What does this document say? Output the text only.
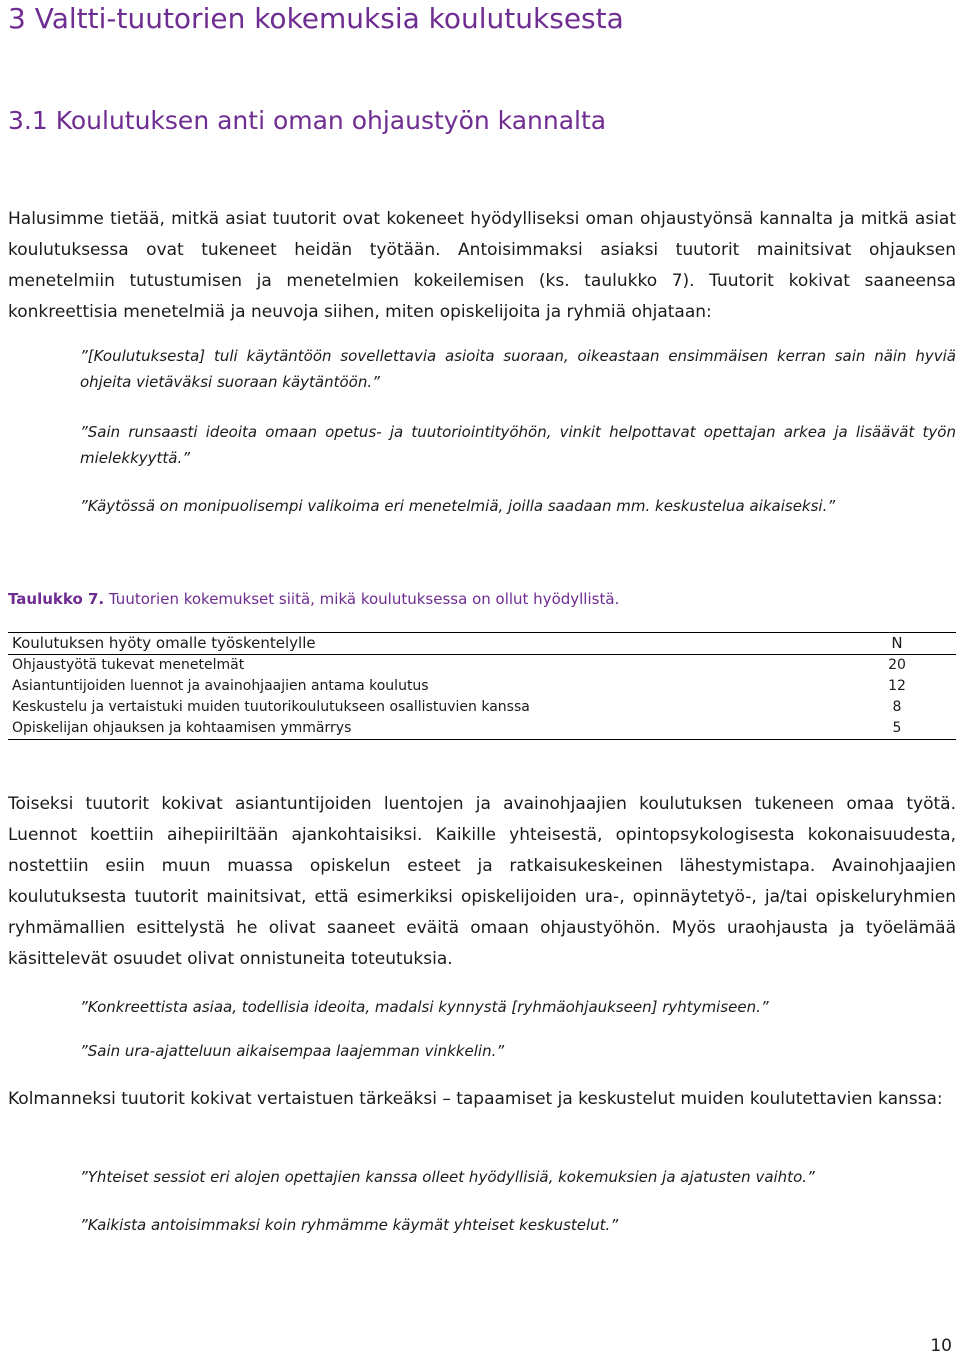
3 Valtti-tuutorien kokemuksia koulutuksesta
3.1 Koulutuksen anti oman ohjaustyön kannalta

Halusimme tietää, mitkä asiat tuutorit ovat kokeneet hyödylliseksi oman ohjaustyönsä kannalta ja mitkä asiat koulutuksessa ovat tukeneet heidän työtään. Antoisimmaksi asiaksi tuutorit mainitsivat ohjauksen menetelmiin tutustumisen ja menetelmien kokeilemisen (ks. taulukko 7). Tuutorit kokivat saaneensa konkreettisia menetelmiä ja neuvoja siihen, miten opiskelijoita ja ryhmiä ohjataan:

”[Koulutuksesta] tuli käytäntöön sovellettavia asioita suoraan, oikeastaan ensimmäisen kerran sain näin hyviä ohjeita vietäväksi suoraan käytäntöön.”

”Sain runsaasti ideoita omaan opetus- ja tuutoriointityöhön, vinkit helpottavat opettajan arkea ja lisäävät työn mielekkyyttä.”

”Käytössä on monipuolisempi valikoima eri menetelmiä, joilla saadaan mm. keskustelua aikaiseksi.”

Taulukko 7. Tuutorien kokemukset siitä, mikä koulutuksessa on ollut hyödyllistä.

Koulutuksen hyöty omalle työskentelylle	N
Ohjaustyötä tukevat menetelmät	20
Asiantuntijoiden luennot ja avainohjaajien antama koulutus	12
Keskustelu ja vertaistuki muiden tuutorikoulutukseen osallistuvien kanssa	8
Opiskelijan ohjauksen ja kohtaamisen ymmärrys	5

Toiseksi tuutorit kokivat asiantuntijoiden luentojen ja avainohjaajien koulutuksen tukeneen omaa työtä. Luennot koettiin aihepiiriltään ajankohtaisiksi. Kaikille yhteisestä, opintopsykologisesta kokonaisuudesta, nostettiin esiin muun muassa opiskelun esteet ja ratkaisukeskeinen lähestymistapa. Avainohjaajien koulutuksesta tuutorit mainitsivat, että esimerkiksi opiskelijoiden ura-, opinnäytetyö-, ja/tai opiskeluryhmien ryhmämallien esittelystä he olivat saaneet eväitä omaan ohjaustyöhön. Myös uraohjausta ja työelämää käsittelevät osuudet olivat onnistuneita toteutuksia.

”Konkreettista asiaa, todellisia ideoita, madalsi kynnystä [ryhmäohjaukseen] ryhtymiseen.”

”Sain ura-ajatteluun aikaisempaa laajemman vinkkelin.”

Kolmanneksi tuutorit kokivat vertaistuen tärkeäksi – tapaamiset ja keskustelut muiden koulutettavien kanssa:

”Yhteiset sessiot eri alojen opettajien kanssa olleet hyödyllisiä, kokemuksien ja ajatusten vaihto.”

”Kaikista antoisimmaksi koin ryhmämme käymät yhteiset keskustelut.”

10
